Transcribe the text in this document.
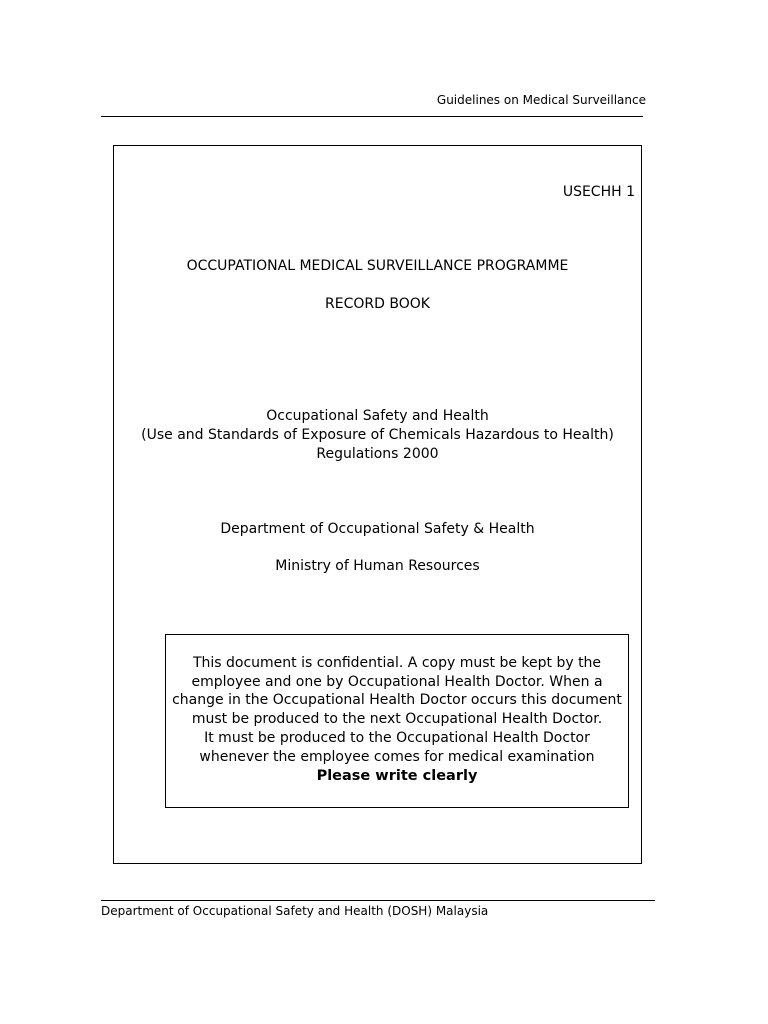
Guidelines on Medical Surveillance
USECHH 1
OCCUPATIONAL MEDICAL SURVEILLANCE PROGRAMME
RECORD BOOK
Occupational Safety and Health
(Use and Standards of Exposure of Chemicals Hazardous to Health)
Regulations 2000
Department of Occupational Safety & Health
Ministry of Human Resources
This document is confidential. A copy must be kept by the
employee and one by Occupational Health Doctor. When a
change in the Occupational Health Doctor occurs this document
must be produced to the next Occupational Health Doctor.
It must be produced to the Occupational Health Doctor
whenever the employee comes for medical examination
Please write clearly
Department of Occupational Safety and Health (DOSH) Malaysia
